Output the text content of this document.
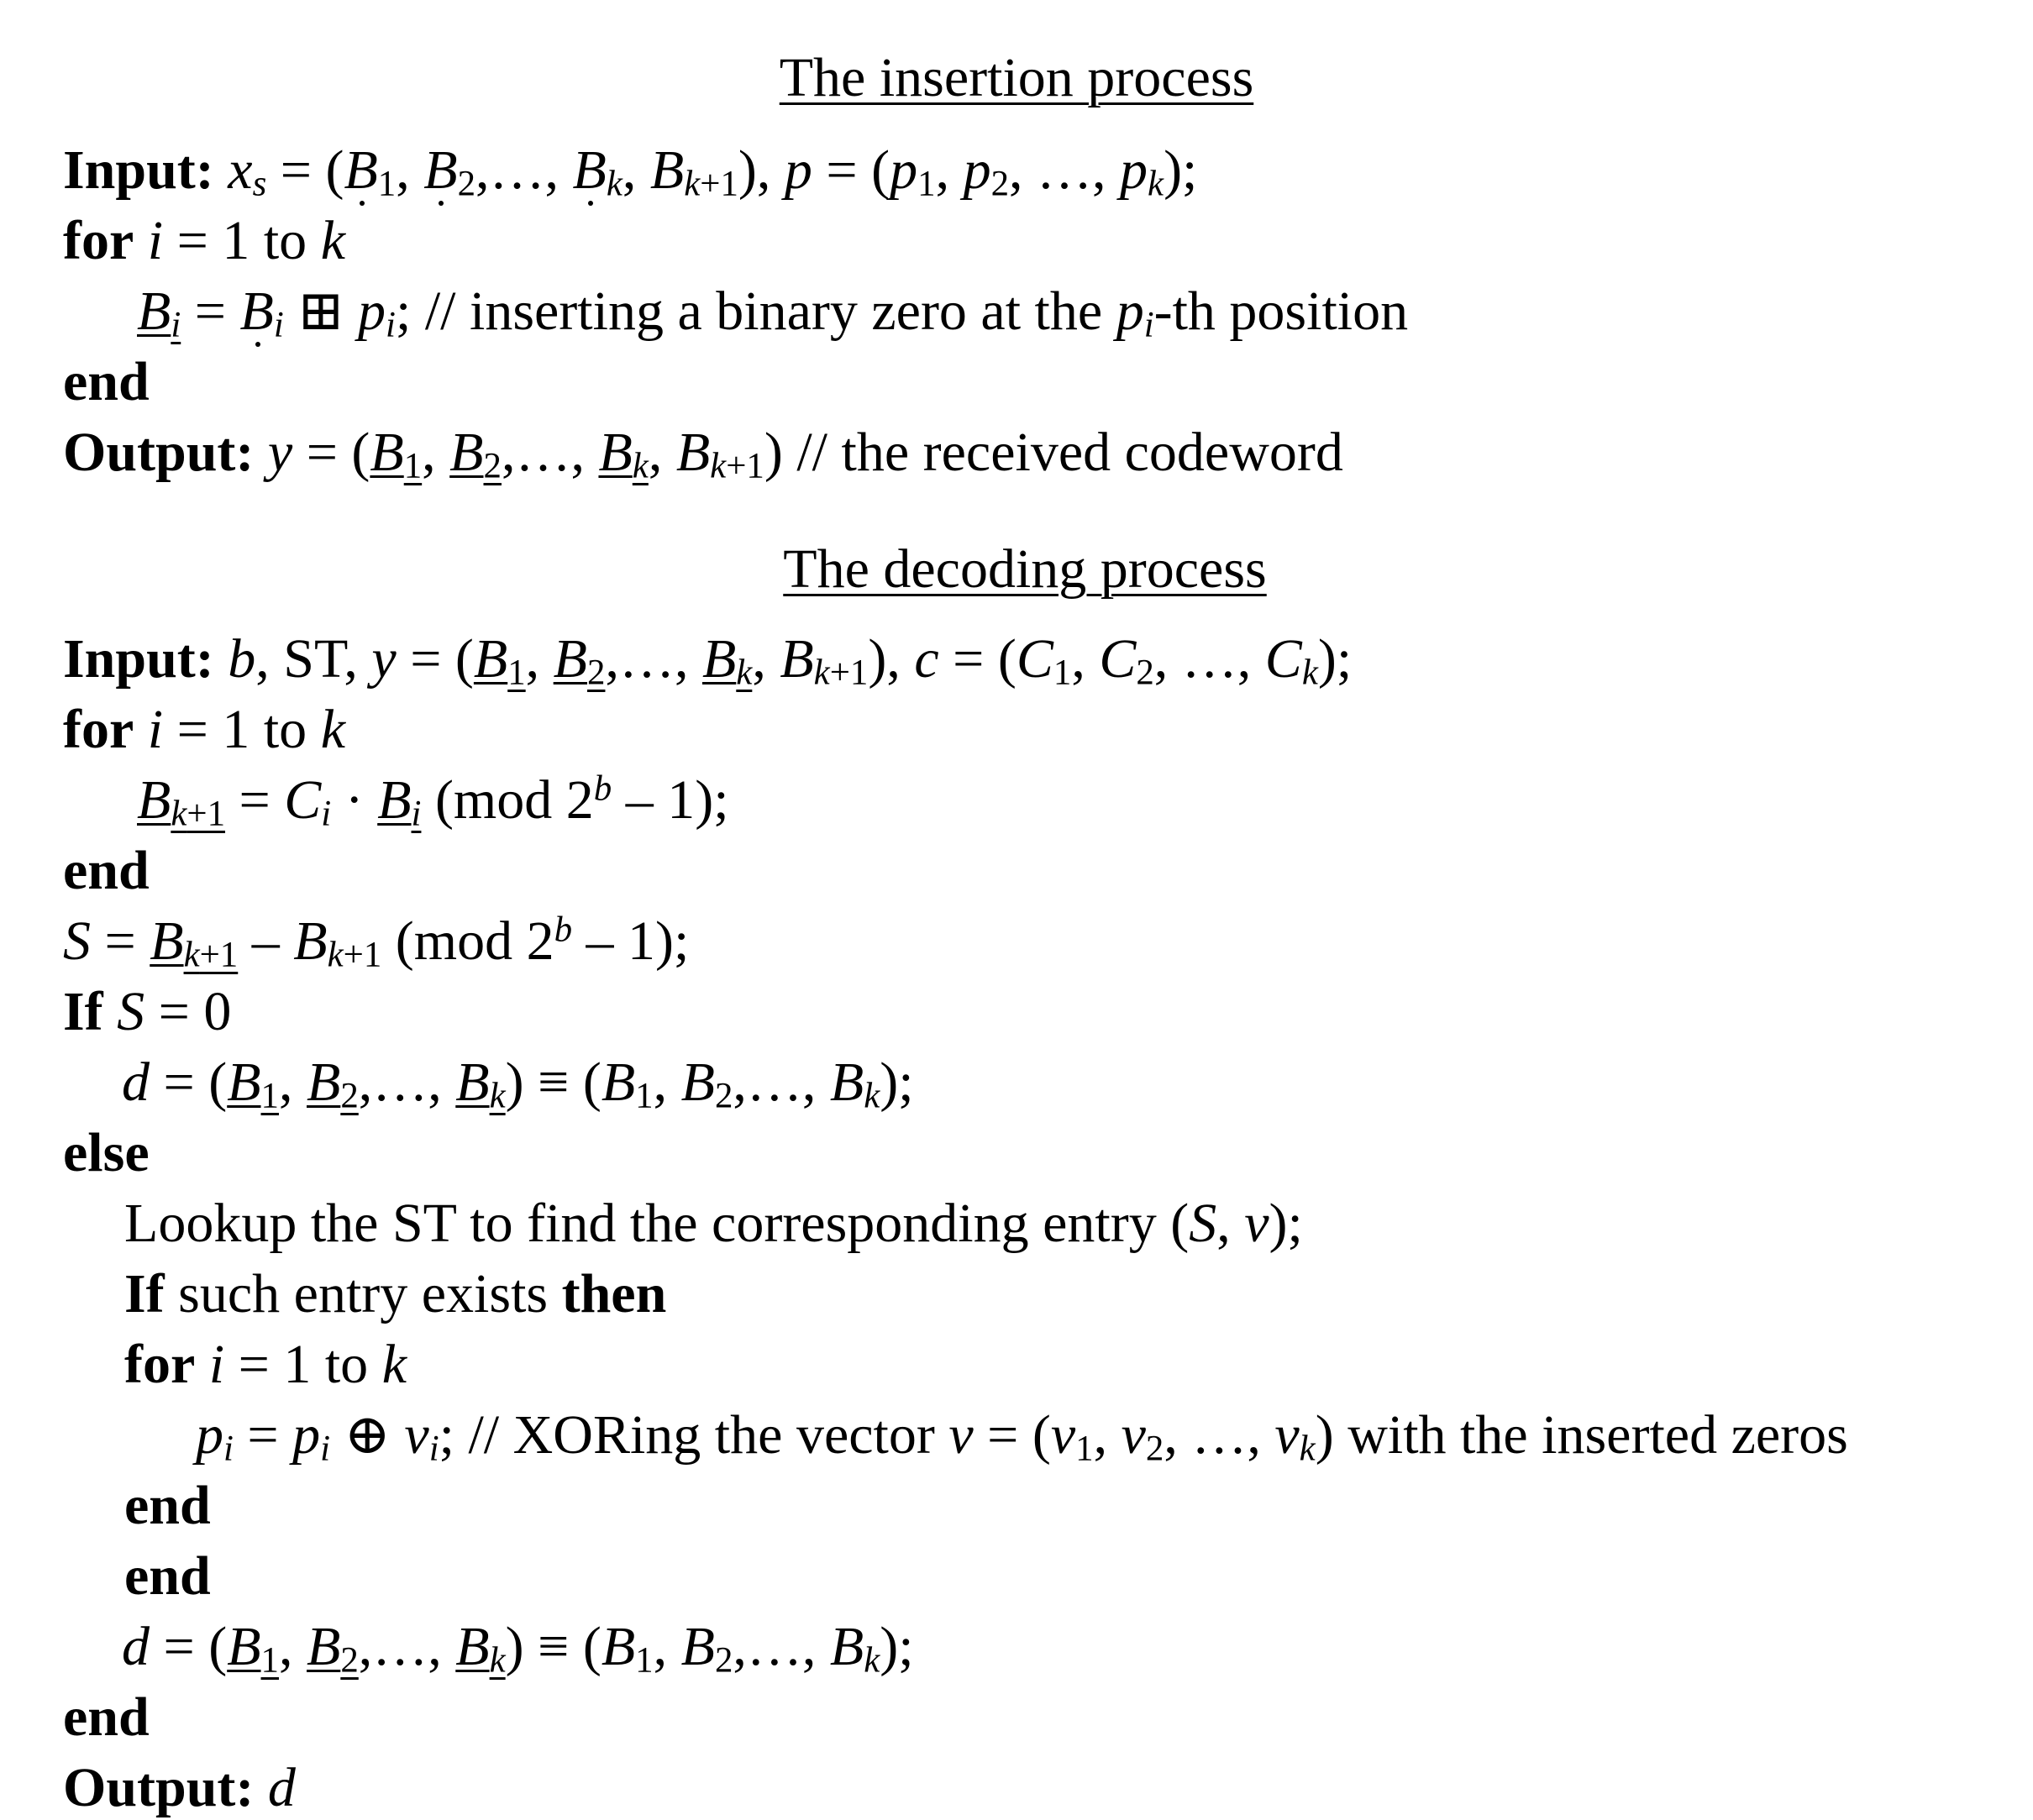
The insertion process
Input: $x_s = (B_1$, $B_2,\dots$, $B_k$, $B_{k+1}$), $p = (p_1$, $p_2$, …, $p_k$);
for i = 1 to k
$B_i = B_i$ ⊞ $p_i$; // inserting a binary zero at the $p_i-th$ position
end
Output: $y = (B_1$, $B_2,\dots$, $B_k$, $B_{k+1}$) // the received codeword
The decoding process
Input: b, ST, $y = (B_1$, $B_2,\dots$, $B_k$, $B_{k+1}$), $c = (C_1$, $C_2$, …, $C_k$);
for i = 1 to k
$B_{k+1} = C_i \cdot B_i$ (mod 2$^b$ – 1);
end
$S = B_{k+1} - B_{k+1}$ (mod 2$^b$ – 1);
If S = 0
$d = (B_1$, $B_2,\dots$, $B_k) \equiv (B_1$, $B_2,\dots$, $B_k$);
else
Lookup the ST to find the corresponding entry (S, v);
If such entry exists then
for i = 1 to k
$p_i = p_i$ ⊕ $v_i$; // XORing the vector $v = (v_1$, $v_2$, …, $v_k$) with the inserted zeros
end
end
$d = (B_1$, $B_2,\dots$, $B_k) \equiv (B_1$, $B_2,\dots$, $B_k$);
end
Output: d
